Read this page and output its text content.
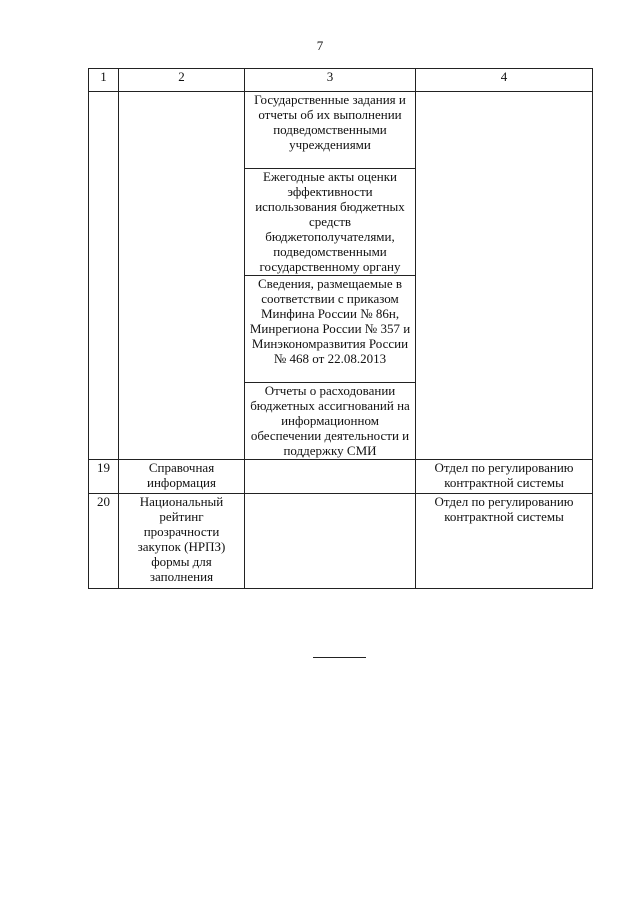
7
1	2	3	4
		Государственные задания и отчеты об их выполнении подведомственными учреждениями	
		Ежегодные акты оценки эффективности использования бюджетных средств бюджетополучателями, подведомственными государственному органу	
		Сведения, размещаемые в соответствии с приказом Минфина России № 86н, Минрегиона России № 357 и Минэкономразвития России № 468 от 22.08.2013	
		Отчеты о расходовании бюджетных ассигнований на информационном обеспечении деятельности и поддержку СМИ	
19	Справочная информация		Отдел по регулированию контрактной системы
20	Национальный рейтинг прозрачности закупок (НРПЗ) формы для заполнения		Отдел по регулированию контрактной системы
